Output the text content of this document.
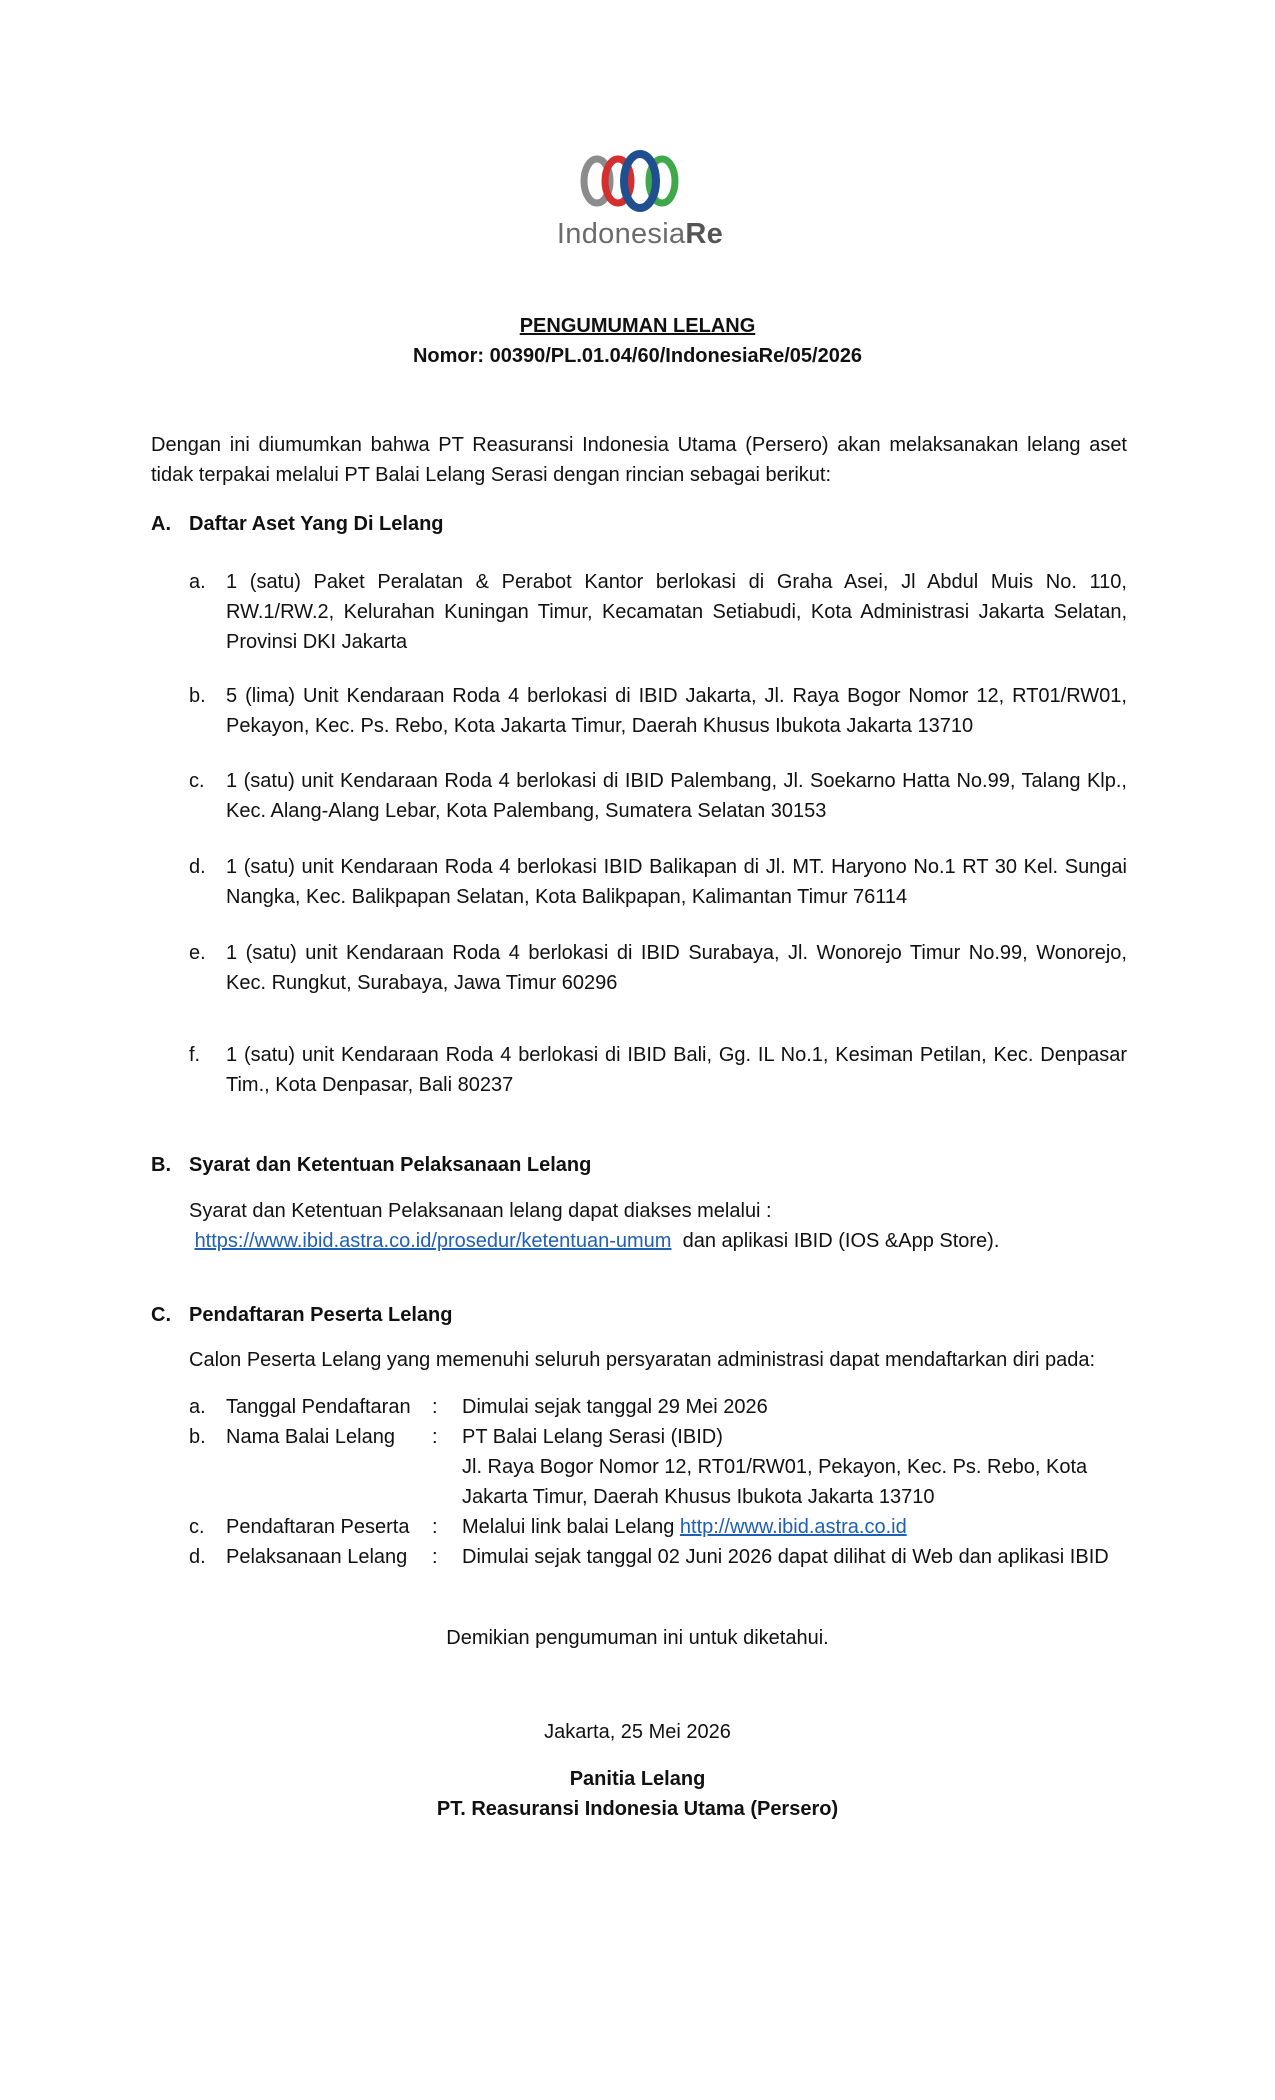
IndonesiaRe
PENGUMUMAN LELANG
Nomor: 00390/PL.01.04/60/IndonesiaRe/05/2026
Dengan ini diumumkan bahwa PT Reasuransi Indonesia Utama (Persero) akan melaksanakan lelang aset tidak terpakai melalui PT Balai Lelang Serasi dengan rincian sebagai berikut:
A. Daftar Aset Yang Di Lelang
a. 1 (satu) Paket Peralatan & Perabot Kantor berlokasi di Graha Asei, Jl Abdul Muis No. 110, RW.1/RW.2, Kelurahan Kuningan Timur, Kecamatan Setiabudi, Kota Administrasi Jakarta Selatan, Provinsi DKI Jakarta
b. 5 (lima) Unit Kendaraan Roda 4 berlokasi di IBID Jakarta, Jl. Raya Bogor Nomor 12, RT01/RW01, Pekayon, Kec. Ps. Rebo, Kota Jakarta Timur, Daerah Khusus Ibukota Jakarta 13710
c. 1 (satu) unit Kendaraan Roda 4 berlokasi di IBID Palembang, Jl. Soekarno Hatta No.99, Talang Klp., Kec. Alang-Alang Lebar, Kota Palembang, Sumatera Selatan 30153
d. 1 (satu) unit Kendaraan Roda 4 berlokasi IBID Balikapan di Jl. MT. Haryono No.1 RT 30 Kel. Sungai Nangka, Kec. Balikpapan Selatan, Kota Balikpapan, Kalimantan Timur 76114
e. 1 (satu) unit Kendaraan Roda 4 berlokasi di IBID Surabaya, Jl. Wonorejo Timur No.99, Wonorejo, Kec. Rungkut, Surabaya, Jawa Timur 60296
f. 1 (satu) unit Kendaraan Roda 4 berlokasi di IBID Bali, Gg. IL No.1, Kesiman Petilan, Kec. Denpasar Tim., Kota Denpasar, Bali 80237
B. Syarat dan Ketentuan Pelaksanaan Lelang
Syarat dan Ketentuan Pelaksanaan lelang dapat diakses melalui :
https://www.ibid.astra.co.id/prosedur/ketentuan-umum dan aplikasi IBID (IOS &App Store).
C. Pendaftaran Peserta Lelang
Calon Peserta Lelang yang memenuhi seluruh persyaratan administrasi dapat mendaftarkan diri pada:
a. Tanggal Pendaftaran : Dimulai sejak tanggal 29 Mei 2026
b. Nama Balai Lelang : PT Balai Lelang Serasi (IBID)
Jl. Raya Bogor Nomor 12, RT01/RW01, Pekayon, Kec. Ps. Rebo, Kota Jakarta Timur, Daerah Khusus Ibukota Jakarta 13710
c. Pendaftaran Peserta : Melalui link balai Lelang http://www.ibid.astra.co.id
d. Pelaksanaan Lelang : Dimulai sejak tanggal 02 Juni 2026 dapat dilihat di Web dan aplikasi IBID
Demikian pengumuman ini untuk diketahui.
Jakarta, 25 Mei 2026
Panitia Lelang
PT. Reasuransi Indonesia Utama (Persero)
